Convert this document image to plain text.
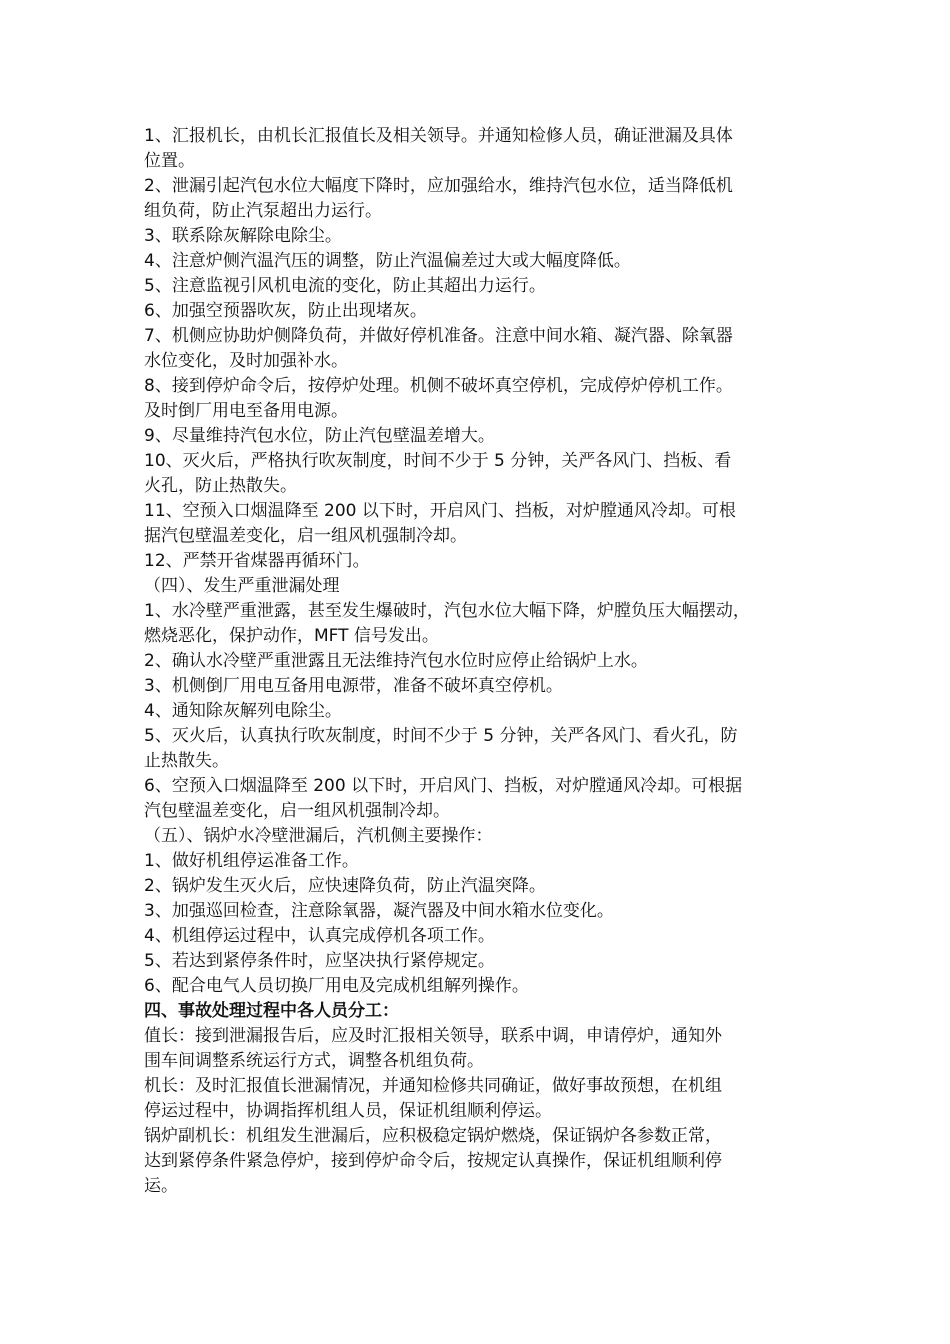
1、汇报机长，由机长汇报值长及相关领导。并通知检修人员，确证泄漏及具体
位置。
2、泄漏引起汽包水位大幅度下降时，应加强给水，维持汽包水位，适当降低机
组负荷，防止汽泵超出力运行。
3、联系除灰解除电除尘。
4、注意炉侧汽温汽压的调整，防止汽温偏差过大或大幅度降低。
5、注意监视引风机电流的变化，防止其超出力运行。
6、加强空预器吹灰，防止出现堵灰。
7、机侧应协助炉侧降负荷，并做好停机准备。注意中间水箱、凝汽器、除氧器
水位变化，及时加强补水。
8、接到停炉命令后，按停炉处理。机侧不破坏真空停机，完成停炉停机工作。
及时倒厂用电至备用电源。
9、尽量维持汽包水位，防止汽包壁温差增大。
10、灭火后，严格执行吹灰制度，时间不少于 5 分钟，关严各风门、挡板、看
火孔，防止热散失。
11、空预入口烟温降至 200 以下时，开启风门、挡板，对炉膛通风冷却。可根
据汽包壁温差变化，启一组风机强制冷却。
12、严禁开省煤器再循环门。
（四）、发生严重泄漏处理
1、水冷壁严重泄露，甚至发生爆破时，汽包水位大幅下降，炉膛负压大幅摆动，
燃烧恶化，保护动作，MFT 信号发出。
2、确认水冷壁严重泄露且无法维持汽包水位时应停止给锅炉上水。
3、机侧倒厂用电互备用电源带，准备不破坏真空停机。
4、通知除灰解列电除尘。
5、灭火后，认真执行吹灰制度，时间不少于 5 分钟，关严各风门、看火孔，防
止热散失。
6、空预入口烟温降至 200 以下时，开启风门、挡板，对炉膛通风冷却。可根据
汽包壁温差变化，启一组风机强制冷却。
（五）、锅炉水冷壁泄漏后，汽机侧主要操作：
1、做好机组停运准备工作。
2、锅炉发生灭火后，应快速降负荷，防止汽温突降。
3、加强巡回检查，注意除氧器，凝汽器及中间水箱水位变化。
4、机组停运过程中，认真完成停机各项工作。
5、若达到紧停条件时，应坚决执行紧停规定。
6、配合电气人员切换厂用电及完成机组解列操作。
四、事故处理过程中各人员分工：
值长：接到泄漏报告后，应及时汇报相关领导，联系中调，申请停炉，通知外
围车间调整系统运行方式，调整各机组负荷。
机长：及时汇报值长泄漏情况，并通知检修共同确证，做好事故预想，在机组
停运过程中，协调指挥机组人员，保证机组顺利停运。
锅炉副机长：机组发生泄漏后，应积极稳定锅炉燃烧，保证锅炉各参数正常，
达到紧停条件紧急停炉，接到停炉命令后，按规定认真操作，保证机组顺利停
运。
